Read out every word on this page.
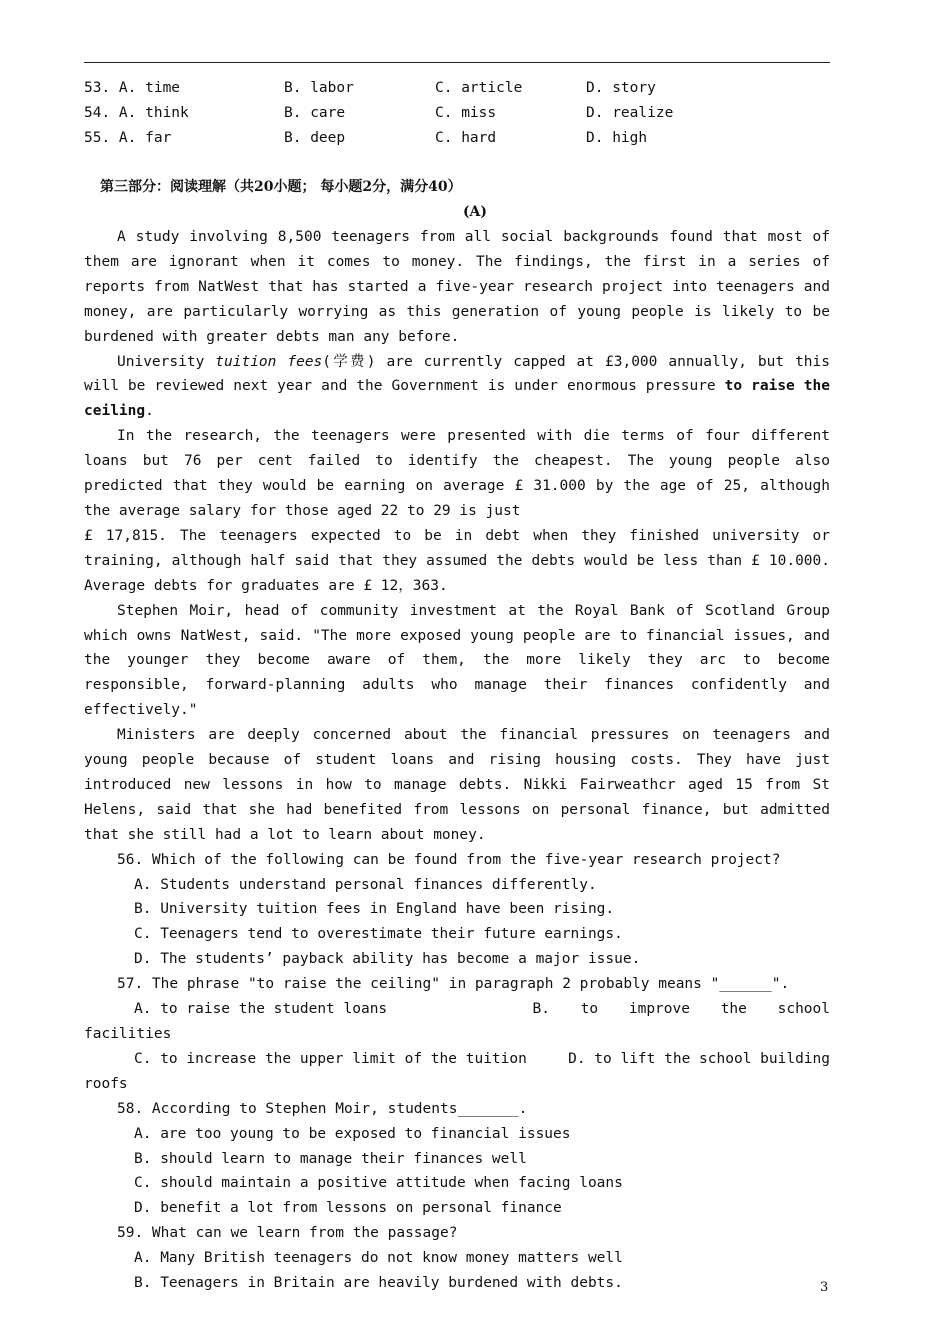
53. A. time	B. labor	C. article	D. story
54. A. think	B. care	C. miss	D. realize
55. A. far	B. deep	C. hard	D. high
第三部分：阅读理解（共20小题； 每小题2分，满分40）
(A)

A study involving 8,500 teenagers from all social backgrounds found that most of them are ignorant when it comes to money. The findings, the first in a series of reports from NatWest that has started a five-year research project into teenagers and money, are particularly worrying as this generation of young people is likely to be burdened with greater debts man any before.

University tuition fees(学费) are currently capped at £3,000 annually, but this will be reviewed next year and the Government is under enormous pressure to raise the ceiling.

In the research, the teenagers were presented with die terms of four different loans but 76 per cent failed to identify the cheapest. The young people also predicted that they would be earning on average £ 31.000 by the age of 25, although the average salary for those aged 22 to 29 is just

£ 17,815. The teenagers expected to be in debt when they finished university or training, although half said that they assumed the debts would be less than £ 10.000. Average debts for graduates are £ 12，363.

Stephen Moir, head of community investment at the Royal Bank of Scotland Group which owns NatWest, said. "The more exposed young people are to financial issues, and the younger they become aware of them, the more likely they arc to become responsible, forward-planning adults who manage their finances confidently and effectively."

Ministers are deeply concerned about the financial pressures on teenagers and young people because of student loans and rising housing costs. They have just introduced new lessons in how to manage debts. Nikki Fairweathcr aged 15 from St Helens, said that she had benefited from lessons on personal finance, but admitted that she still had a lot to learn about money.

56. Which of the following can be found from the five-year research project?

A. Students understand personal finances differently.

B. University tuition fees in England have been rising.

C. Teenagers tend to overestimate their future earnings.

D. The students’ payback ability has become a major issue.

57. The phrase "to raise the ceiling" in paragraph 2 probably means "______".

A. to raise the student loans	B. to improve the school

facilities

C. to increase the upper limit of the tuition	D. to lift the school building

roofs

58. According to Stephen Moir, students_______.

A. are too young to be exposed to financial issues

B. should learn to manage their finances well

C. should maintain a positive attitude when facing loans

D. benefit a lot from lessons on personal finance

59. What can we learn from the passage?

A. Many British teenagers do not know money matters well

B. Teenagers in Britain are heavily burdened with debts.	3
